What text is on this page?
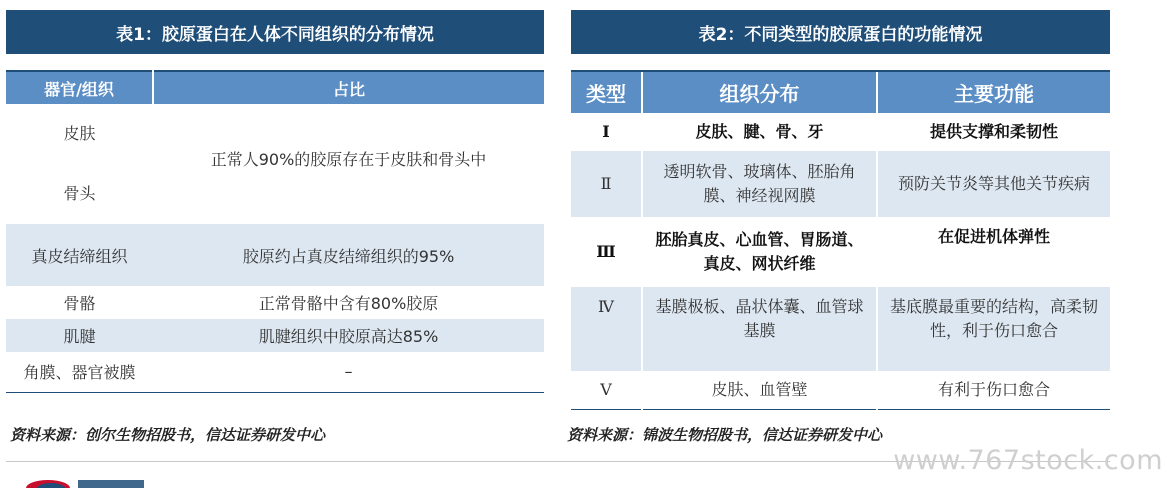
表1：胶原蛋白在人体不同组织的分布情况
器官/组织	占比

皮肤
骨头	正常人90%的胶原存在于皮肤和骨头中
真皮结缔组织	胶原约占真皮结缔组织的95%
骨骼	正常骨骼中含有80%胶原
肌腱	肌腱组织中胶原高达85%
角膜、器官被膜	–
表2：不同类型的胶原蛋白的功能情况
类型	组织分布	主要功能
Ⅰ	皮肤、腱、骨、牙	提供支撑和柔韧性
Ⅱ	透明软骨、玻璃体、胚胎角膜、神经视网膜	预防关节炎等其他关节疾病
Ⅲ	胚胎真皮、心血管、胃肠道、真皮、网状纤维	在促进机体弹性
Ⅳ	基膜极板、晶状体囊、血管球基膜	基底膜最重要的结构，高柔韧性，利于伤口愈合
Ⅴ	皮肤、血管壁	有利于伤口愈合
资料来源：创尔生物招股书，信达证券研发中心	资料来源：锦波生物招股书，信达证券研发中心
www.767stock.com
